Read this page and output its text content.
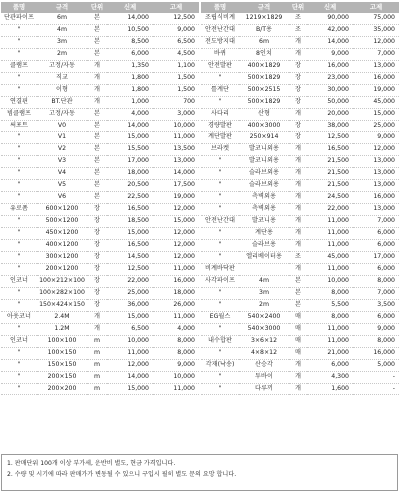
품명	규격	단위	신제	고제
단관파이프	6m	본	14,000	12,500
"	4m	본	10,500	9,000
"	3m	본	8,500	6,500
"	2m	본	6,000	4,500
클램프	고정/자동	개	1,350	1,100
"	직교	개	1,800	1,500
"	이형	개	1,800	1,500
연결핀	BT.단관	개	1,000	700
빔클램프	고정/자동	본	4,000	3,000
써포트	V0	본	14,000	10,000
"	V1	본	15,000	11,000
"	V2	본	15,500	13,500
"	V3	본	17,000	13,000
"	V4	본	18,000	14,000
"	V5	본	20,500	17,500
"	V6	본	22,500	19,000
유로폼	600×1200	장	16,500	12,000
"	500×1200	장	18,500	15,000
"	450×1200	장	15,000	12,000
"	400×1200	장	16,500	12,000
"	300×1200	장	14,500	12,000
"	200×1200	장	12,500	11,000
인코너	100×212×100	장	22,000	16,000
"	100×282×100	장	25,000	18,000
"	150×424×150	장	36,000	26,000
아웃코너	2.4M	개	15,000	11,000
"	1.2M	개	6,500	4,000
인코너	100×100	m	10,000	8,000
"	100×150	m	11,000	8,000
"	150×150	m	12,000	9,000
"	200×150	m	14,000	10,000
"	200×200	m	15,000	11,000
품명	규격	단위	신제	고제
조립식비계	1219×1829	조	90,000	75,000
안전난간대	B/T용	조	42,000	35,000
전도방지대	6m	개	14,000	12,000
바퀴	8인치	개	9,000	7,000
안전발판	400×1829	장	16,000	13,000
"	500×1829	장	23,000	16,000
틀계단	500×2515	장	30,000	19,000
"	500×1829	장	50,000	45,000
사다리	산형	개	20,000	15,000
경량발판	400×3000	장	38,000	25,000
계단발판	250×914	장	12,500	9,000
브라켓	발코니외용	개	16,500	12,000
"	발코니외용	개	21,500	13,000
"	슬라브외용	개	21,500	13,000
"	슬라브외용	개	21,500	13,000
"	측벽외용	개	24,500	16,000
"	측벽외용	개	22,000	13,000
안전난간대	발코니용	개	11,000	7,000
"	계단용	개	11,000	6,000
"	슬라브용	개	11,000	6,000
"	엘리베이터용	조	45,000	17,000
비계바닥판		개	11,000	6,000
사각파이프	4m	본	10,000	8,000
"	3m	본	8,000	7,000
"	2m	본	5,500	3,500
EG월스	540×2400	매	8,000	6,000
"	540×3000	매	11,000	9,000
내수합판	3×6×12	매	11,000	8,000
"	4×8×12	매	21,000	16,000
각재(낙송)	산승각	개	6,000	5,000
"	투바이	개	4,300	-
"	다루끼	개	1,600	-
1. 판매단위 100개 이상 부가세, 운반비 별도, 현금 가격입니다.
2. 수량 및 시기에 따라 판매가가 변동될 수 있으니 구입시 필히 별도 문의 요망 합니다.
